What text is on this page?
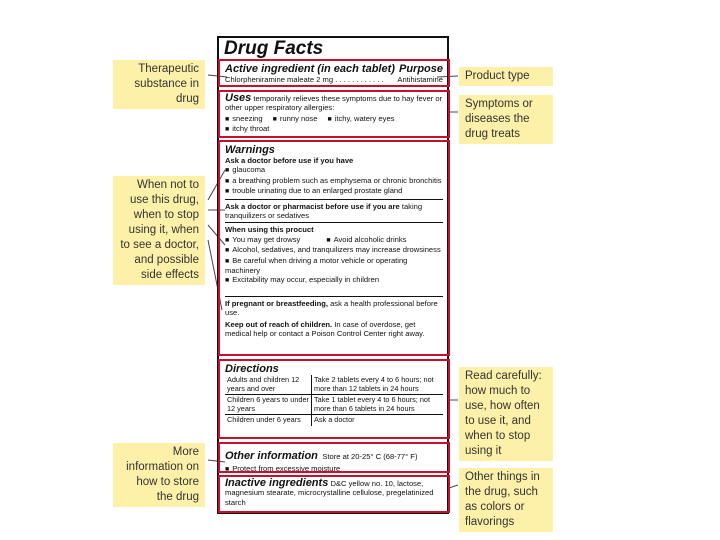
Drug Facts
Active ingredient (in each tablet) Purpose
Chlorpheniramine maleate 2 mg . . . . . . . . . . . . Antihistamine
Uses temporarily relieves these symptoms due to hay fever or other upper respiratory allergies:
■ sneezing	■ runny nose	■ itchy, watery eyes
■ itchy throat
Warnings
Ask a doctor before use if you have
■ glaucoma
■ a breathing problem such as emphysema or chronic bronchitis
■ trouble urinating due to an enlarged prostate gland
Ask a doctor or pharmacist before use if you are taking tranquilizers or sedatives
When using this procuct
■ You may get drowsy	■ Avoid alcoholic drinks
■ Alcohol, sedatives, and tranquilizers may increase drowsiness
■ Be careful when driving a motor vehicle or operating machinery
■ Excitability may occur, especially in children
If pregnant or breastfeeding, ask a health professional before use.
Keep out of reach of children. In case of overdose, get medical help or contact a Poison Control Center right away.
Directions
Adults and children 12 years and over	Take 2 tablets every 4 to 6 hours; not more than 12 tablets in 24 hours
Children 6 years to under 12 years	Take 1 tablet every 4 to 6 hours; not more than 6 tablets in 24 hours
Children under 6 years	Ask a doctor
Other information Store at 20-25° C (68-77° F)
■ Protect from excessive moisture
Inactive ingredients D&C yellow no. 10, lactose, magnesium stearate, microcrystalline cellulose, pregelatinized starch
Therapeutic substance in drug
Product type
Symptoms or diseases the drug treats
When not to use this drug, when to stop using it, when to see a doctor, and possible side effects
Read carefully: how much to use, how often to use it, and when to stop using it
More information on how to store the drug
Other things in the drug, such as colors or flavorings
